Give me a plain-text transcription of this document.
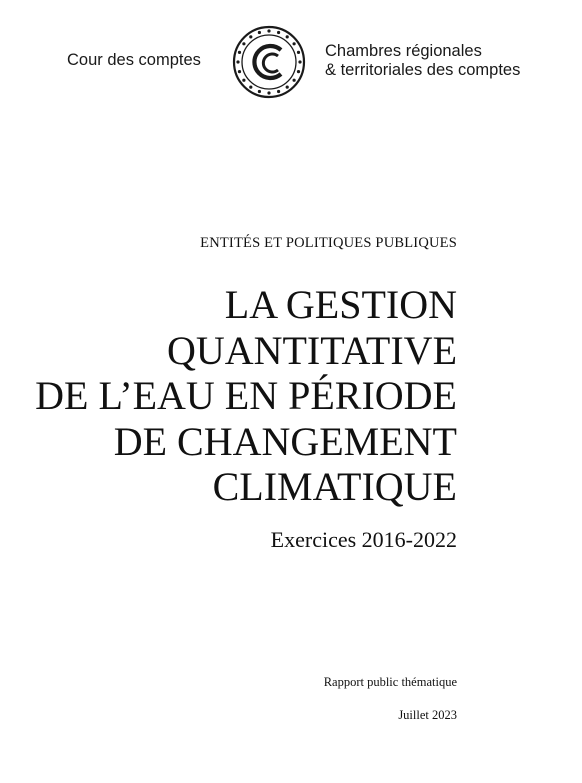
Cour des comptes	Chambres régionales
& territoriales des comptes
ENTITÉS ET POLITIQUES PUBLIQUES
LA GESTION
QUANTITATIVE
DE L’EAU EN PÉRIODE
DE CHANGEMENT
CLIMATIQUE
Exercices 2016-2022
Rapport public thématique
Juillet 2023
